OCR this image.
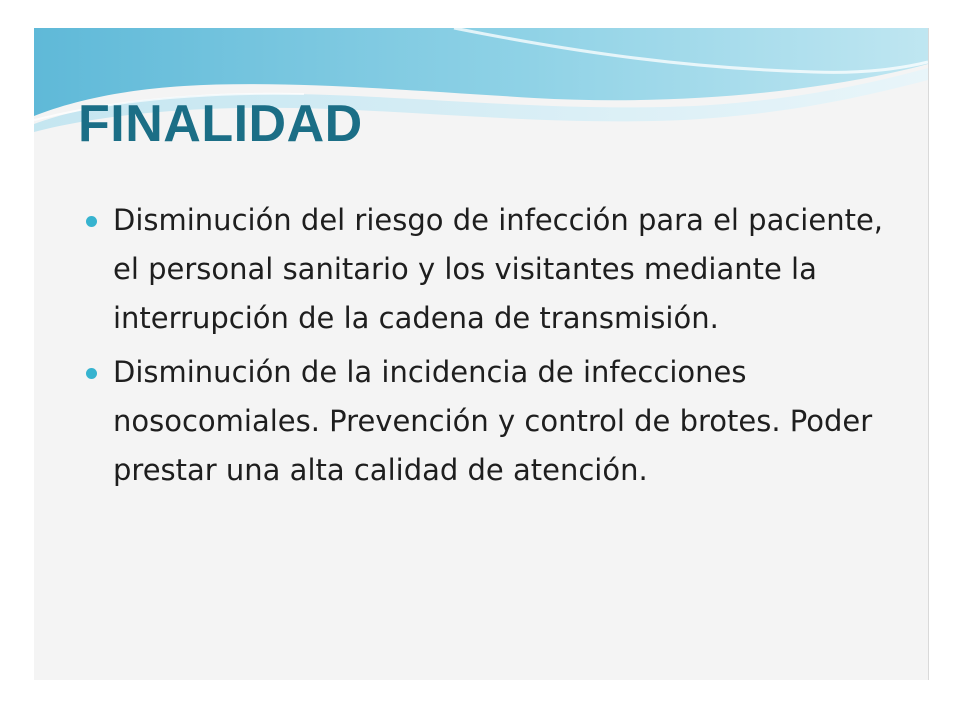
FINALIDAD
Disminución del riesgo de infección para el paciente, el personal sanitario y los visitantes mediante la interrupción de la cadena de transmisión.
Disminución de la incidencia de infecciones nosocomiales. Prevención y control de brotes. Poder prestar una alta calidad de atención.
